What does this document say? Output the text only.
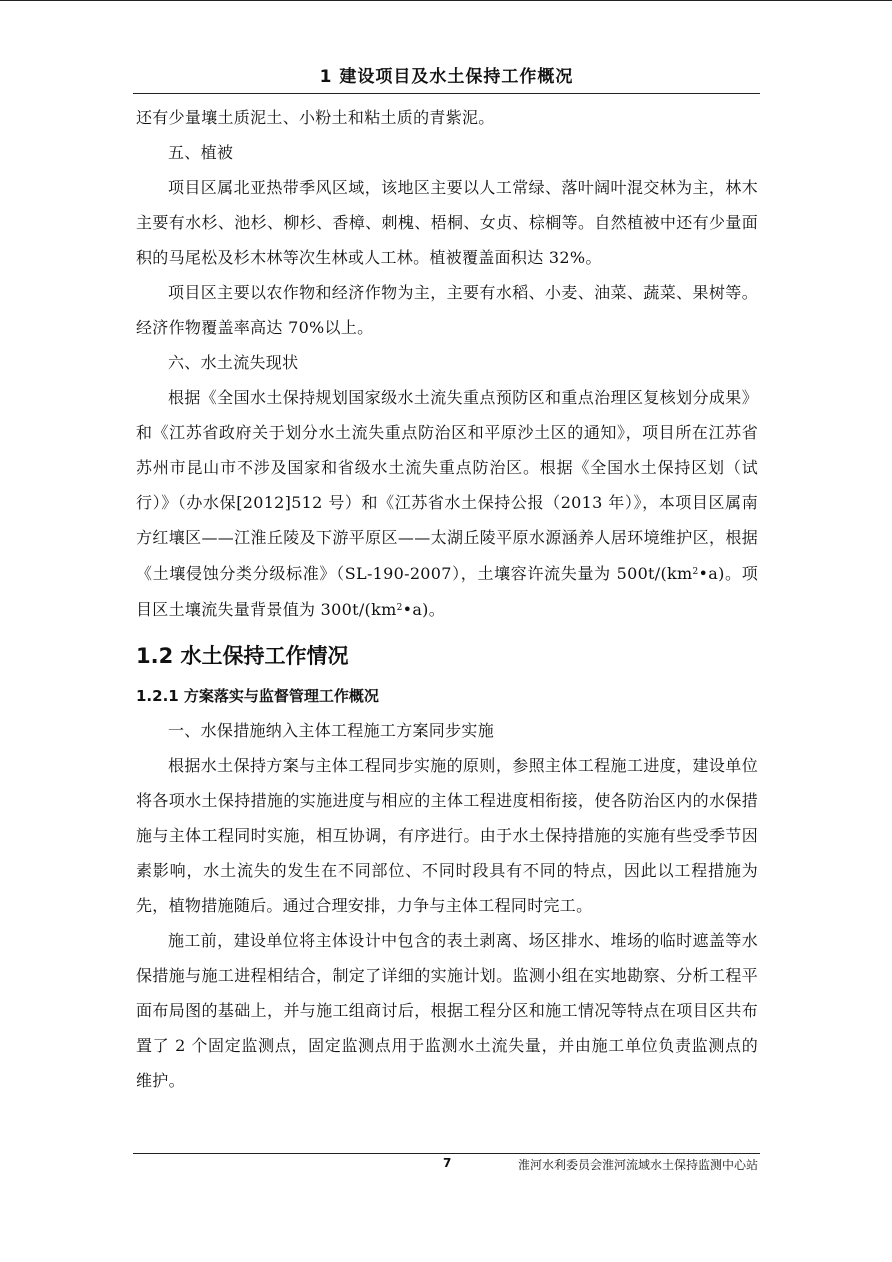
1 建设项目及水土保持工作概况

还有少量壤土质泥土、小粉土和粘土质的青紫泥。

五、植被

项目区属北亚热带季风区域，该地区主要以人工常绿、落叶阔叶混交林为主，林木主要有水杉、池杉、柳杉、香樟、刺槐、梧桐、女贞、棕榈等。自然植被中还有少量面积的马尾松及杉木林等次生林或人工林。植被覆盖面积达 32%。

项目区主要以农作物和经济作物为主，主要有水稻、小麦、油菜、蔬菜、果树等。经济作物覆盖率高达 70%以上。

六、水土流失现状

根据《全国水土保持规划国家级水土流失重点预防区和重点治理区复核划分成果》和《江苏省政府关于划分水土流失重点防治区和平原沙土区的通知》，项目所在江苏省苏州市昆山市不涉及国家和省级水土流失重点防治区。根据《全国水土保持区划（试行）》（办水保[2012]512 号）和《江苏省水土保持公报（2013 年）》，本项目区属南方红壤区——江淮丘陵及下游平原区——太湖丘陵平原水源涵养人居环境维护区，根据《土壤侵蚀分类分级标准》（SL-190-2007），土壤容许流失量为 $500t/(km^2•a)$。项目区土壤流失量背景值为 $300t/(km^2•a)$。

1.2 水土保持工作情况
1.2.1 方案落实与监督管理工作概况

一、水保措施纳入主体工程施工方案同步实施

根据水土保持方案与主体工程同步实施的原则，参照主体工程施工进度，建设单位将各项水土保持措施的实施进度与相应的主体工程进度相衔接，使各防治区内的水保措施与主体工程同时实施，相互协调，有序进行。由于水土保持措施的实施有些受季节因素影响，水土流失的发生在不同部位、不同时段具有不同的特点，因此以工程措施为先，植物措施随后。通过合理安排，力争与主体工程同时完工。

施工前，建设单位将主体设计中包含的表土剥离、场区排水、堆场的临时遮盖等水保措施与施工进程相结合，制定了详细的实施计划。监测小组在实地勘察、分析工程平面布局图的基础上，并与施工组商讨后，根据工程分区和施工情况等特点在项目区共布置了 2 个固定监测点，固定监测点用于监测水土流失量，并由施工单位负责监测点的维护。

7	淮河水利委员会淮河流域水土保持监测中心站
